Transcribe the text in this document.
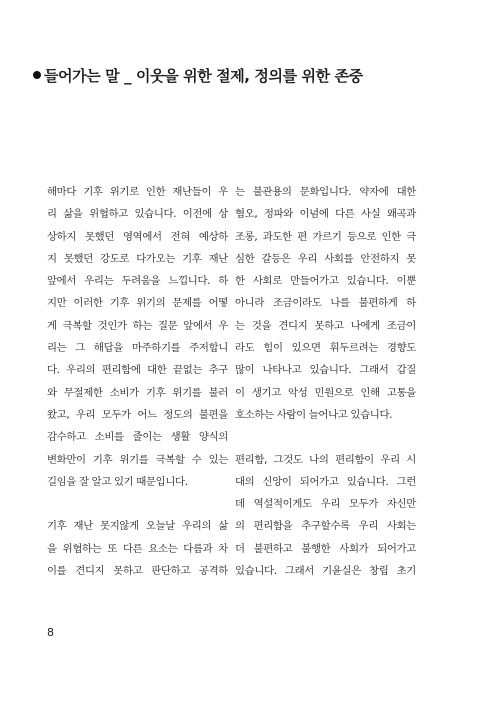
들어가는 말 _ 이웃을 위한 절제, 정의를 위한 존중
해마다 기후 위기로 인한 재난들이 우
리 삶을 위협하고 있습니다. 이전에 상
상하지 못했던 영역에서 전혀 예상하
지 못했던 강도로 다가오는 기후 재난
앞에서 우리는 두려움을 느낍니다. 하
지만 이러한 기후 위기의 문제를 어떻
게 극복할 것인가 하는 질문 앞에서 우
리는 그 해답을 마주하기를 주저합니
다. 우리의 편리함에 대한 끝없는 추구
와 무절제한 소비가 기후 위기를 불러
왔고, 우리 모두가 어느 정도의 불편을
감수하고 소비를 줄이는 생활 양식의
변화만이 기후 위기를 극복할 수 있는
길임을 잘 알고 있기 때문입니다.
기후 재난 못지않게 오늘날 우리의 삶
을 위협하는 또 다른 요소는 다름과 차
이를 견디지 못하고 판단하고 공격하
는 불관용의 문화입니다. 약자에 대한
혐오, 정파와 이념에 다른 사실 왜곡과
조롱, 과도한 편 가르기 등으로 인한 극
심한 갈등은 우리 사회를 안전하지 못
한 사회로 만들어가고 있습니다. 이뿐
아니라 조금이라도 나를 불편하게 하
는 것을 견디지 못하고 나에게 조금이
라도 힘이 있으면 휘두르려는 경향도
많이 나타나고 있습니다. 그래서 갑질
이 생기고 악성 민원으로 인해 고통을
호소하는 사람이 늘어나고 있습니다.
편리함, 그것도 나의 편리함이 우리 시
대의 신앙이 되어가고 있습니다. 그런
데 역설적이게도 우리 모두가 자신만
의 편리함을 추구할수록 우리 사회는
더 불편하고 불행한 사회가 되어가고
있습니다. 그래서 기윤실은 창립 초기
8
